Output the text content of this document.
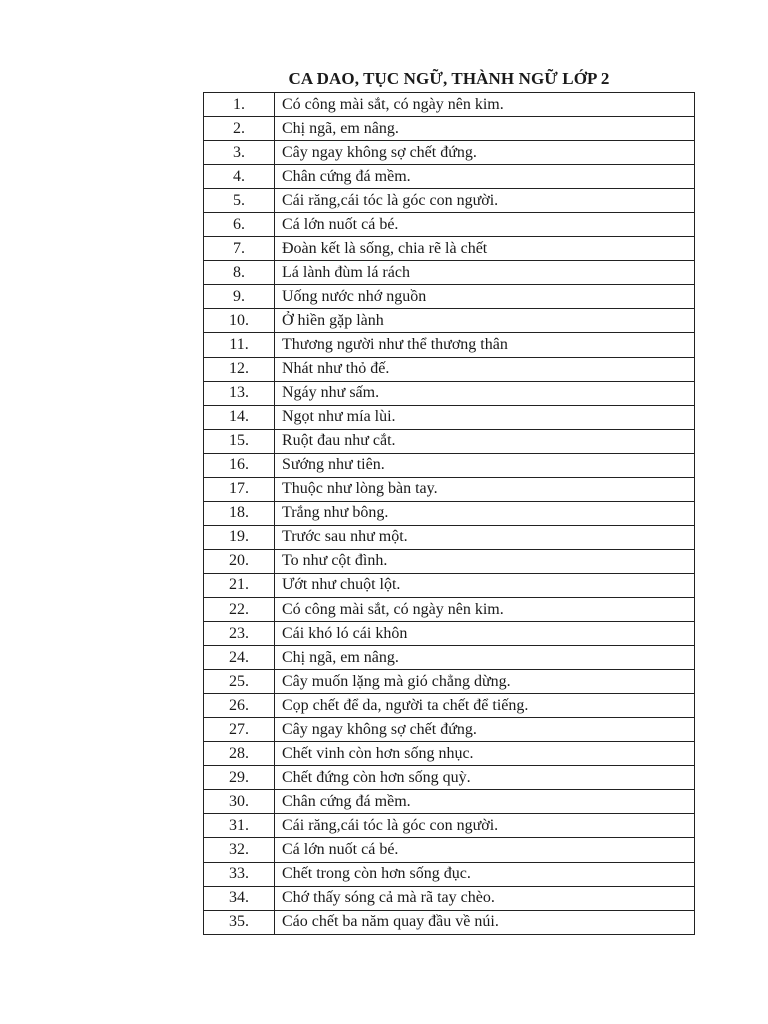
CA DAO, TỤC NGỮ, THÀNH NGỮ LỚP 2
1.	Có công mài sắt, có ngày nên kim.
2.	Chị ngã, em nâng.
3.	Cây ngay không sợ chết đứng.
4.	Chân cứng đá mềm.
5.	Cái răng,cái tóc là góc con người.
6.	Cá lớn nuốt cá bé.
7.	Đoàn kết là sống, chia rẽ là chết
8.	Lá lành đùm lá rách
9.	Uống nước nhớ nguồn
10.	Ở hiền gặp lành
11.	Thương người như thể thương thân
12.	Nhát như thỏ đế.
13.	Ngáy như sấm.
14.	Ngọt như mía lùi.
15.	Ruột đau như cắt.
16.	Sướng như tiên.
17.	Thuộc như lòng bàn tay.
18.	Trắng như bông.
19.	Trước sau như một.
20.	To như cột đình.
21.	Ướt như chuột lột.
22.	Có công mài sắt, có ngày nên kim.
23.	Cái khó ló cái khôn
24.	Chị ngã, em nâng.
25.	Cây muốn lặng mà gió chẳng dừng.
26.	Cọp chết để da, người ta chết để tiếng.
27.	Cây ngay không sợ chết đứng.
28.	Chết vinh còn hơn sống nhục.
29.	Chết đứng còn hơn sống quỳ.
30.	Chân cứng đá mềm.
31.	Cái răng,cái tóc là góc con người.
32.	Cá lớn nuốt cá bé.
33.	Chết trong còn hơn sống đục.
34.	Chớ thấy sóng cả mà rã tay chèo.
35.	Cáo chết ba năm quay đầu về núi.
